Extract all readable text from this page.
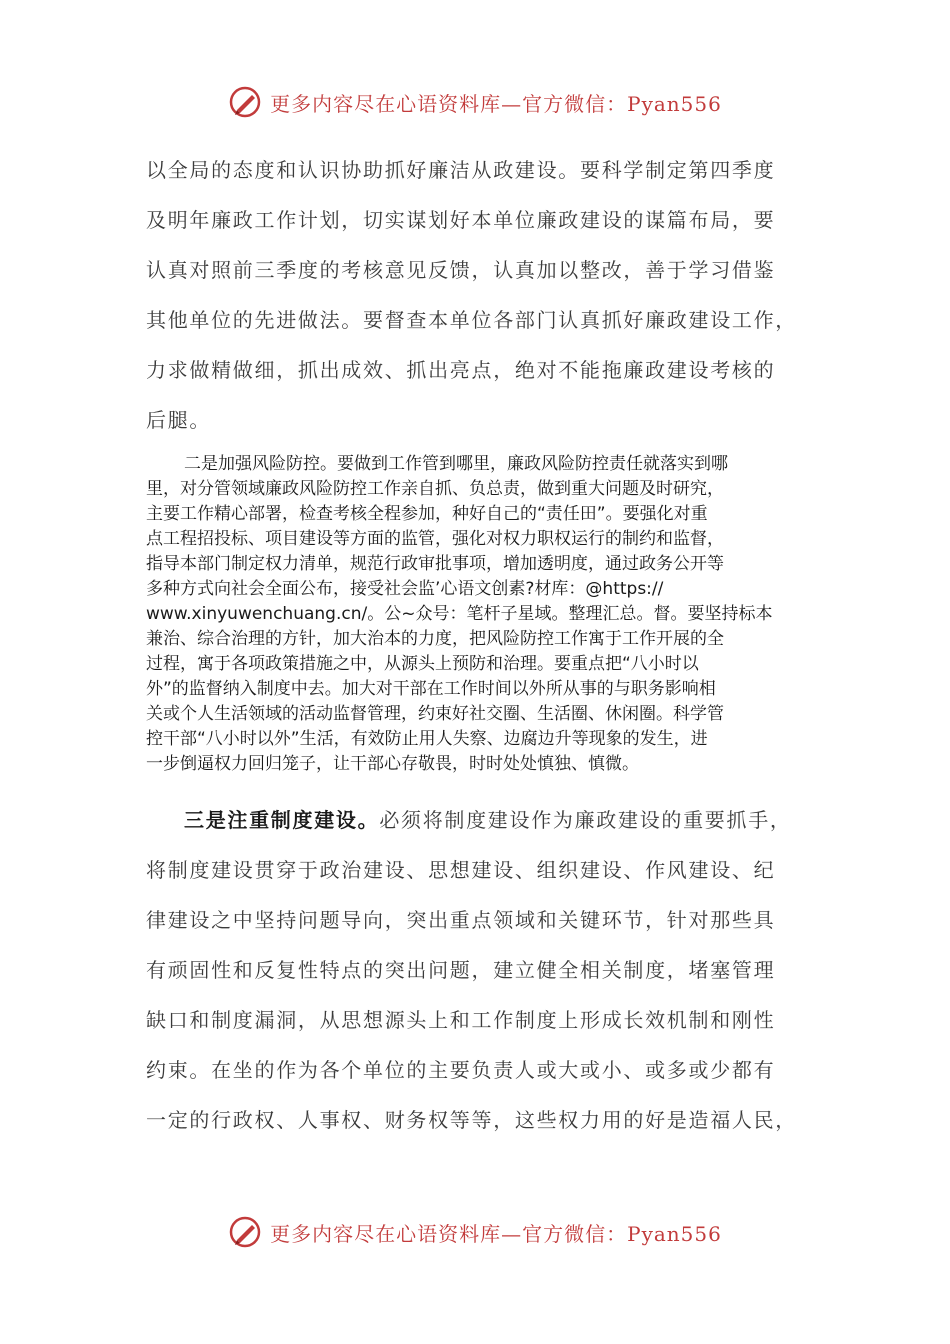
更多内容尽在心语资料库—官方微信：Pyan556
以全局的态度和认识协助抓好廉洁从政建设。要科学制定第四季度
及明年廉政工作计划，切实谋划好本单位廉政建设的谋篇布局，要
认真对照前三季度的考核意见反馈，认真加以整改，善于学习借鉴
其他单位的先进做法。要督查本单位各部门认真抓好廉政建设工作，
力求做精做细，抓出成效、抓出亮点，绝对不能拖廉政建设考核的
后腿。
二是加强风险防控。要做到工作管到哪里，廉政风险防控责任就落实到哪
里，对分管领域廉政风险防控工作亲自抓、负总责，做到重大问题及时研究，
主要工作精心部署，检查考核全程参加，种好自己的“责任田”。要强化对重
点工程招投标、项目建设等方面的监管，强化对权力职权运行的制约和监督，
指导本部门制定权力清单，规范行政审批事项，增加透明度，通过政务公开等
多种方式向社会全面公布，接受社会监’心语文创素?材库：@https://
www.xinyuwenchuang.cn/。公~众号：笔杆子星域。整理汇总。督。要坚持标本
兼治、综合治理的方针，加大治本的力度，把风险防控工作寓于工作开展的全
过程，寓于各项政策措施之中，从源头上预防和治理。要重点把“八小时以
外”的监督纳入制度中去。加大对干部在工作时间以外所从事的与职务影响相
关或个人生活领域的活动监督管理，约束好社交圈、生活圈、休闲圈。科学管
控干部“八小时以外”生活，有效防止用人失察、边腐边升等现象的发生，进
一步倒逼权力回归笼子，让干部心存敬畏，时时处处慎独、慎微。
三是注重制度建设。必须将制度建设作为廉政建设的重要抓手，
将制度建设贯穿于政治建设、思想建设、组织建设、作风建设、纪
律建设之中坚持问题导向，突出重点领域和关键环节，针对那些具
有顽固性和反复性特点的突出问题，建立健全相关制度，堵塞管理
缺口和制度漏洞，从思想源头上和工作制度上形成长效机制和刚性
约束。在坐的作为各个单位的主要负责人或大或小、或多或少都有
一定的行政权、人事权、财务权等等，这些权力用的好是造福人民，
更多内容尽在心语资料库—官方微信：Pyan556
